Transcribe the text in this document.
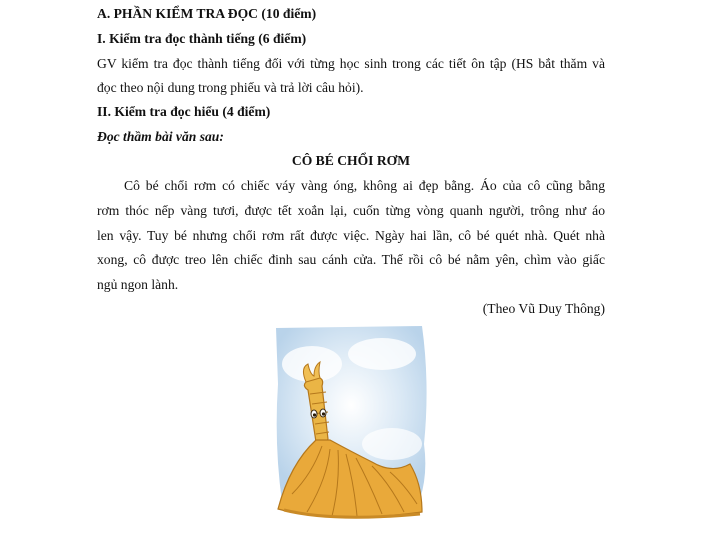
A. PHẦN KIỂM TRA ĐỌC (10 điểm)
I. Kiểm tra đọc thành tiếng (6 điểm)
GV kiểm tra đọc thành tiếng đối với từng học sinh trong các tiết ôn tập (HS bắt thăm và
đọc theo nội dung trong phiếu và trả lời câu hỏi).
II. Kiểm tra đọc hiểu (4 điểm)
Đọc thầm bài văn sau:
CÔ BÉ CHỔI RƠM
Cô bé chổi rơm có chiếc váy vàng óng, không ai đẹp bằng. Áo của cô cũng bằng
rơm thóc nếp vàng tươi, được tết xoắn lại, cuốn từng vòng quanh người, trông như áo
len vậy. Tuy bé nhưng chổi rơm rất được việc. Ngày hai lần, cô bé quét nhà. Quét nhà
xong, cô được treo lên chiếc đinh sau cánh cửa. Thế rồi cô bé nằm yên, chìm vào giấc
ngủ ngon lành.
(Theo Vũ Duy Thông)
